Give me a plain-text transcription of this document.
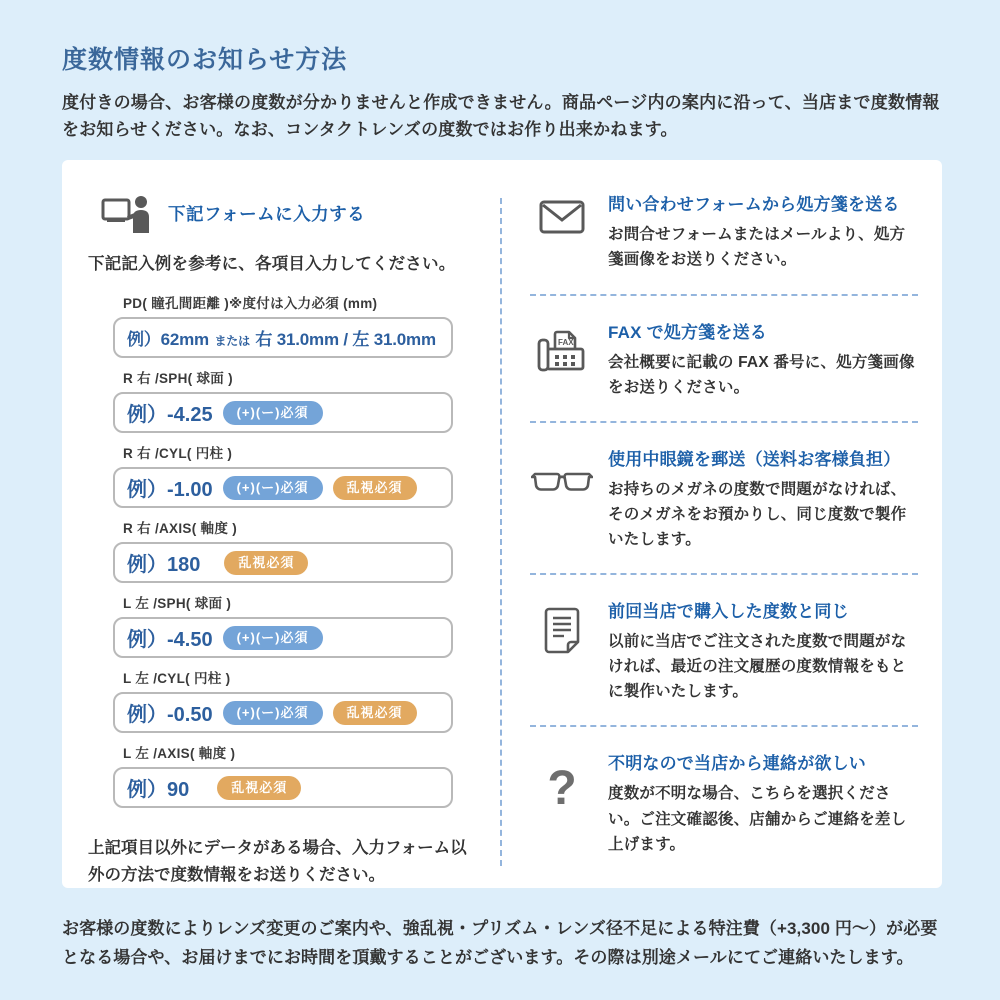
度数情報のお知らせ方法

度付きの場合、お客様の度数が分かりませんと作成できません。商品ページ内の案内に沿って、当店まで度数情報をお知らせください。なお、コンタクトレンズの度数ではお作り出来かねます。

下記フォームに入力する

下記記入例を参考に、各項目入力してください。

PD( 瞳孔間距離 )※度付は入力必須 (mm)
例）62mm または 右 31.0mm / 左 31.0mm
R 右 /SPH( 球面 )
例）-4.25	(+)(ー)必須
R 右 /CYL( 円柱 )
例）-1.00	(+)(ー)必須	乱視必須
R 右 /AXIS( 軸度 )
例）180	乱視必須
L 左 /SPH( 球面 )
例）-4.50	(+)(ー)必須
L 左 /CYL( 円柱 )
例）-0.50	(+)(ー)必須	乱視必須
L 左 /AXIS( 軸度 )
例）90	乱視必須

上記項目以外にデータがある場合、入力フォーム以外の方法で度数情報をお送りください。

問い合わせフォームから処方箋を送る
お問合せフォームまたはメールより、処方箋画像をお送りください。
FAX
FAX で処方箋を送る
会社概要に記載の FAX 番号に、処方箋画像をお送りください。
使用中眼鏡を郵送（送料お客様負担）
お持ちのメガネの度数で問題がなければ、そのメガネをお預かりし、同じ度数で製作いたします。
前回当店で購入した度数と同じ
以前に当店でご注文された度数で問題がなければ、最近の注文履歴の度数情報をもとに製作いたします。
? 不明なので当店から連絡が欲しい
度数が不明な場合、こちらを選択ください。ご注文確認後、店舗からご連絡を差し上げます。

お客様の度数によりレンズ変更のご案内や、強乱視・プリズム・レンズ径不足による特注費（+3,300 円〜）が必要となる場合や、お届けまでにお時間を頂戴することがございます。その際は別途メールにてご連絡いたします。
